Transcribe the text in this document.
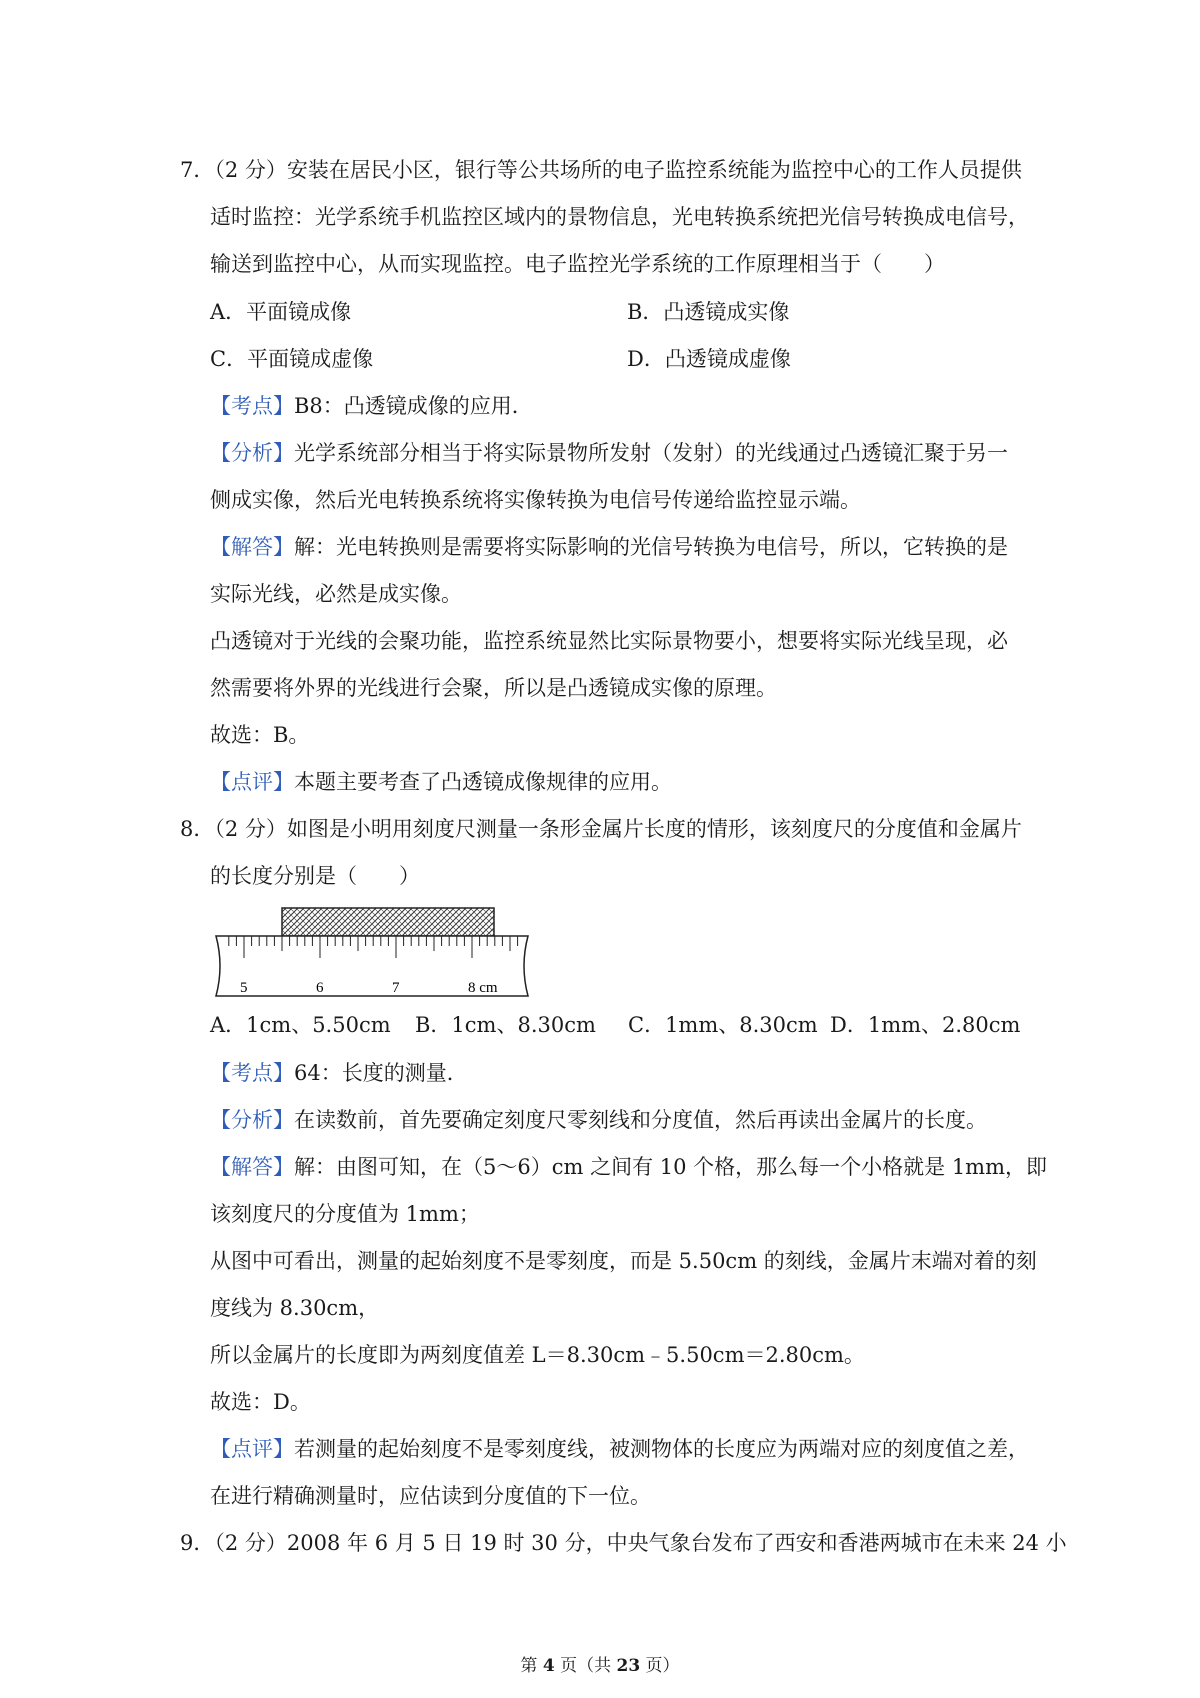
7．（2 分）安装在居民小区，银行等公共场所的电子监控系统能为监控中心的工作人员提供
适时监控：光学系统手机监控区域内的景物信息，光电转换系统把光信号转换成电信号，
输送到监控中心，从而实现监控。电子监控光学系统的工作原理相当于（　　）
A．平面镜成像	B．凸透镜成实像
C．平面镜成虚像	D．凸透镜成虚像
【考点】B8：凸透镜成像的应用．
【分析】光学系统部分相当于将实际景物所发射（发射）的光线通过凸透镜汇聚于另一
侧成实像，然后光电转换系统将实像转换为电信号传递给监控显示端。
【解答】解：光电转换则是需要将实际影响的光信号转换为电信号，所以，它转换的是
实际光线，必然是成实像。
凸透镜对于光线的会聚功能，监控系统显然比实际景物要小，想要将实际光线呈现，必
然需要将外界的光线进行会聚，所以是凸透镜成实像的原理。
故选：B。
【点评】本题主要考查了凸透镜成像规律的应用。
8．（2 分）如图是小明用刻度尺测量一条形金属片长度的情形，该刻度尺的分度值和金属片
的长度分别是（　　）
5	6	7	8 cm
A．1cm、5.50cm B．1cm、8.30cm C．1mm、8.30cm D．1mm、2.80cm
【考点】64：长度的测量．
【分析】在读数前，首先要确定刻度尺零刻线和分度值，然后再读出金属片的长度。
【解答】解：由图可知，在（5～6）cm 之间有 10 个格，那么每一个小格就是 1mm，即
该刻度尺的分度值为 1mm；
从图中可看出，测量的起始刻度不是零刻度，而是 5.50cm 的刻线，金属片末端对着的刻
度线为 8.30cm，
所以金属片的长度即为两刻度值差 L＝8.30cm﹣5.50cm＝2.80cm。
故选：D。
【点评】若测量的起始刻度不是零刻度线，被测物体的长度应为两端对应的刻度值之差，
在进行精确测量时，应估读到分度值的下一位。
9．（2 分）2008 年 6 月 5 日 19 时 30 分，中央气象台发布了西安和香港两城市在未来 24 小
第 4 页（共 23 页）
